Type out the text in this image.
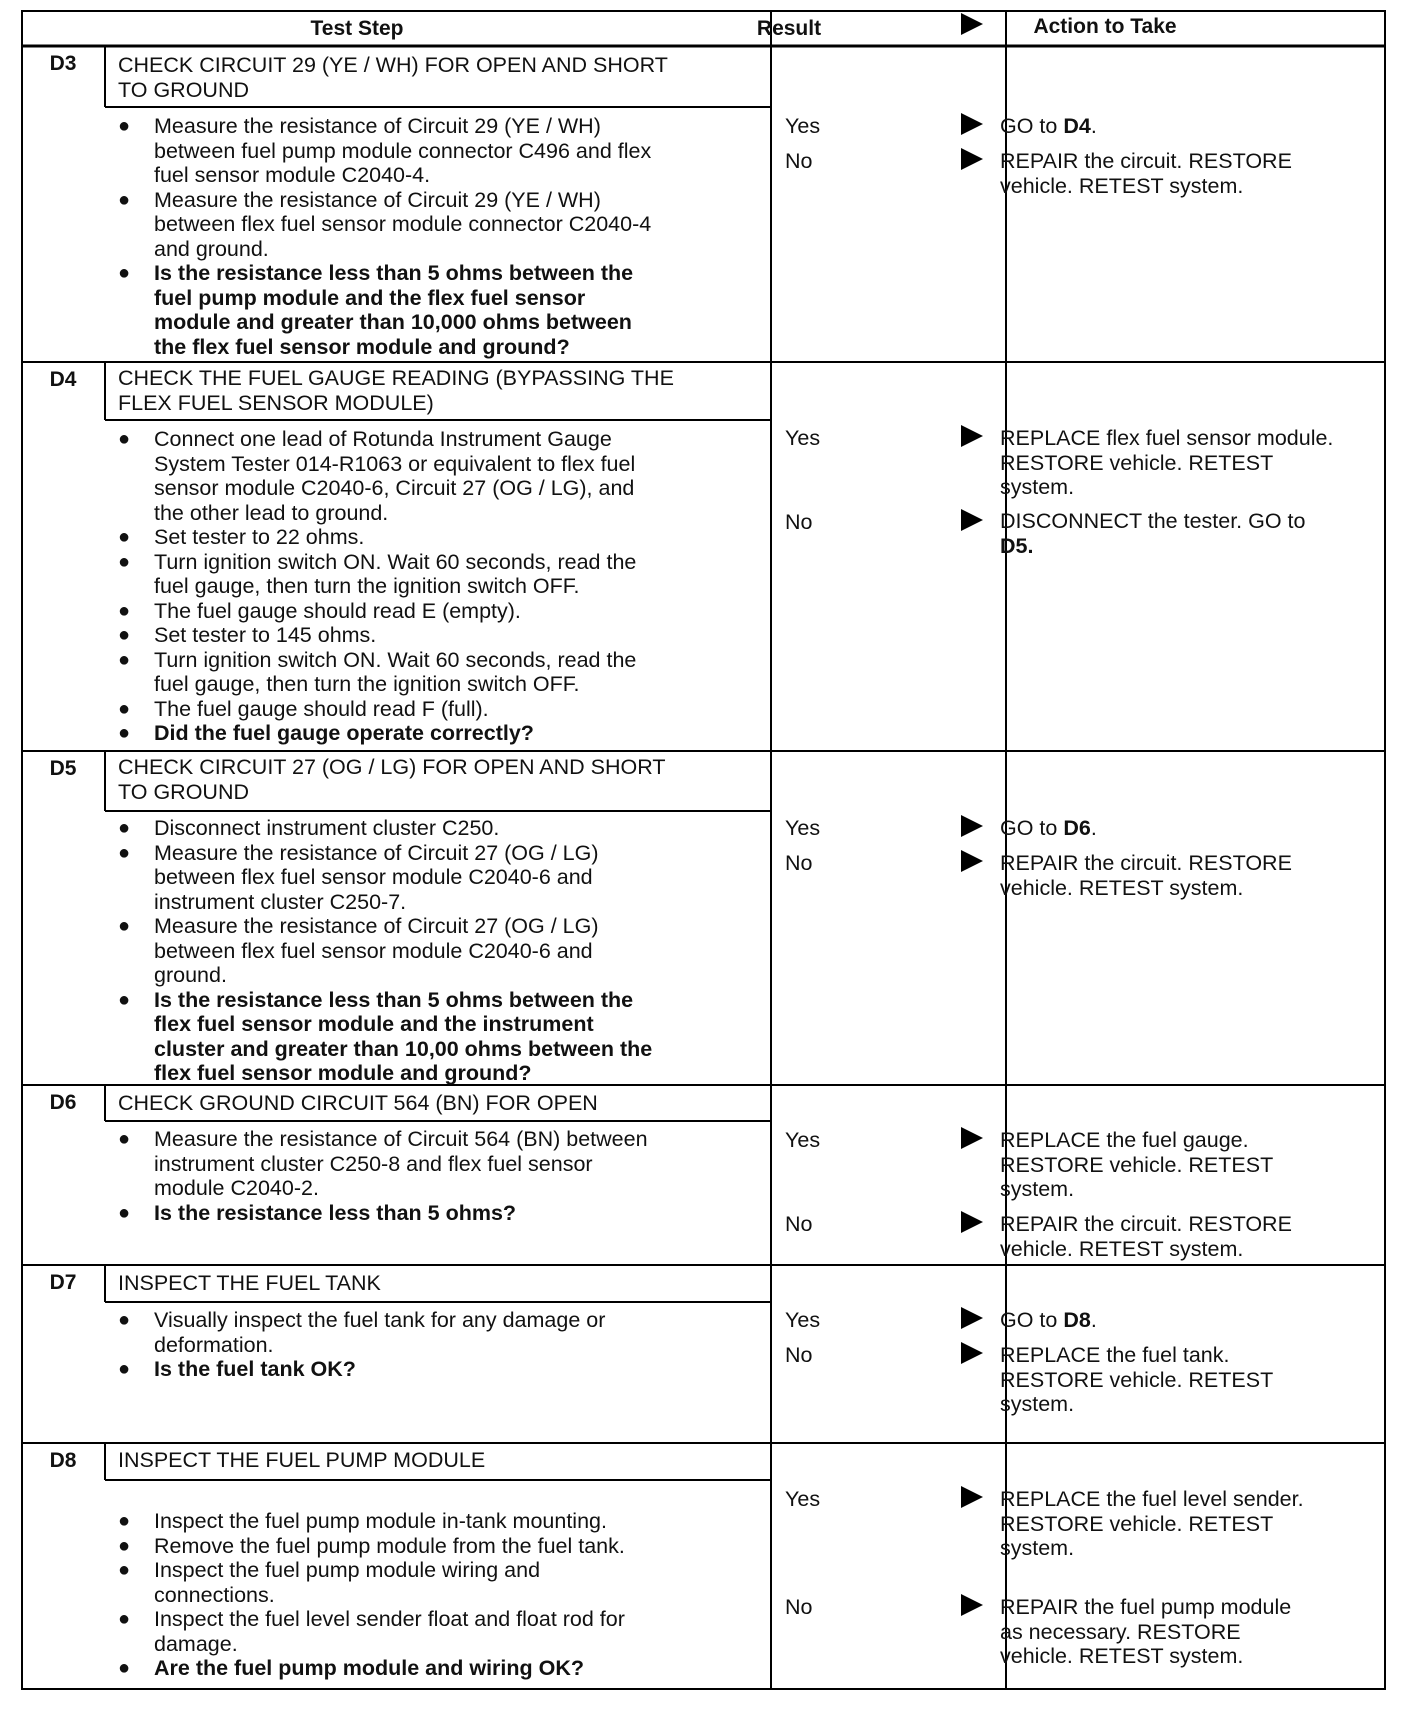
Test Step	Result	Action to Take
D3	CHECK CIRCUIT 29 (YE / WH) FOR OPEN AND SHORT
TO GROUND
● Measure the resistance of Circuit 29 (YE / WH)
between fuel pump module connector C496 and flex
fuel sensor module C2040-4.
● Measure the resistance of Circuit 29 (YE / WH)
between flex fuel sensor module connector C2040-4
and ground.
● Is the resistance less than 5 ohms between the
fuel pump module and the flex fuel sensor
module and greater than 10,000 ohms between
the flex fuel sensor module and ground?
Yes	GO to D4.
No	REPAIR the circuit. RESTORE
vehicle. RETEST system.
D4	CHECK THE FUEL GAUGE READING (BYPASSING THE
FLEX FUEL SENSOR MODULE)
● Connect one lead of Rotunda Instrument Gauge
System Tester 014-R1063 or equivalent to flex fuel
sensor module C2040-6, Circuit 27 (OG / LG), and
the other lead to ground.
● Set tester to 22 ohms.
● Turn ignition switch ON. Wait 60 seconds, read the
fuel gauge, then turn the ignition switch OFF.
● The fuel gauge should read E (empty).
● Set tester to 145 ohms.
● Turn ignition switch ON. Wait 60 seconds, read the
fuel gauge, then turn the ignition switch OFF.
● The fuel gauge should read F (full).
● Did the fuel gauge operate correctly?
Yes	REPLACE flex fuel sensor module.
RESTORE vehicle. RETEST
system.
No	DISCONNECT the tester. GO to
D5.
D5	CHECK CIRCUIT 27 (OG / LG) FOR OPEN AND SHORT
TO GROUND
● Disconnect instrument cluster C250.
● Measure the resistance of Circuit 27 (OG / LG)
between flex fuel sensor module C2040-6 and
instrument cluster C250-7.
● Measure the resistance of Circuit 27 (OG / LG)
between flex fuel sensor module C2040-6 and
ground.
● Is the resistance less than 5 ohms between the
flex fuel sensor module and the instrument
cluster and greater than 10,00 ohms between the
flex fuel sensor module and ground?
Yes	GO to D6.
No	REPAIR the circuit. RESTORE
vehicle. RETEST system.
D6	CHECK GROUND CIRCUIT 564 (BN) FOR OPEN
● Measure the resistance of Circuit 564 (BN) between
instrument cluster C250-8 and flex fuel sensor
module C2040-2.
● Is the resistance less than 5 ohms?
Yes	REPLACE the fuel gauge.
RESTORE vehicle. RETEST
system.
No	REPAIR the circuit. RESTORE
vehicle. RETEST system.
D7	INSPECT THE FUEL TANK
● Visually inspect the fuel tank for any damage or
deformation.
● Is the fuel tank OK?
Yes	GO to D8.
No	REPLACE the fuel tank.
RESTORE vehicle. RETEST
system.
D8	INSPECT THE FUEL PUMP MODULE
● Inspect the fuel pump module in-tank mounting.
● Remove the fuel pump module from the fuel tank.
● Inspect the fuel pump module wiring and
connections.
● Inspect the fuel level sender float and float rod for
damage.
● Are the fuel pump module and wiring OK?
Yes	REPLACE the fuel level sender.
RESTORE vehicle. RETEST
system.
No	REPAIR the fuel pump module
as necessary. RESTORE
vehicle. RETEST system.
